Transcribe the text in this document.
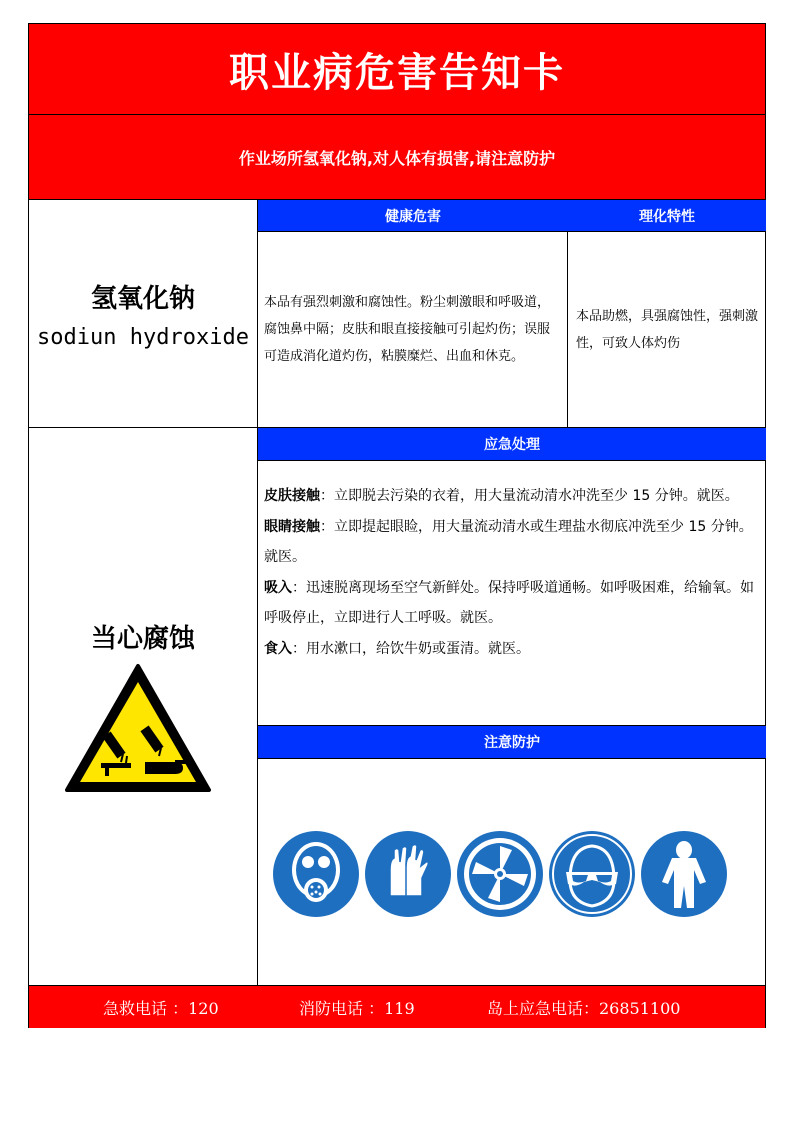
职业病危害告知卡
作业场所氢氧化钠,对人体有损害,请注意防护
氢氧化钠
sodiun hydroxide
健康危害	理化特性
本品有强烈刺激和腐蚀性。粉尘刺激眼和呼吸道，腐蚀鼻中隔；皮肤和眼直接接触可引起灼伤；误服可造成消化道灼伤，粘膜糜烂、出血和休克。
本品助燃，具强腐蚀性，强刺激性，可致人体灼伤
当心腐蚀
应急处理
皮肤接触：立即脱去污染的衣着，用大量流动清水冲洗至少 15 分钟。就医。
眼睛接触：立即提起眼睑，用大量流动清水或生理盐水彻底冲洗至少 15 分钟。就医。
吸入：迅速脱离现场至空气新鲜处。保持呼吸道通畅。如呼吸困难，给输氧。如呼吸停止，立即进行人工呼吸。就医。
食入：用水漱口，给饮牛奶或蛋清。就医。
注意防护
急救电话 ：120	消防电话 ：119	岛上应急电话：26851100
